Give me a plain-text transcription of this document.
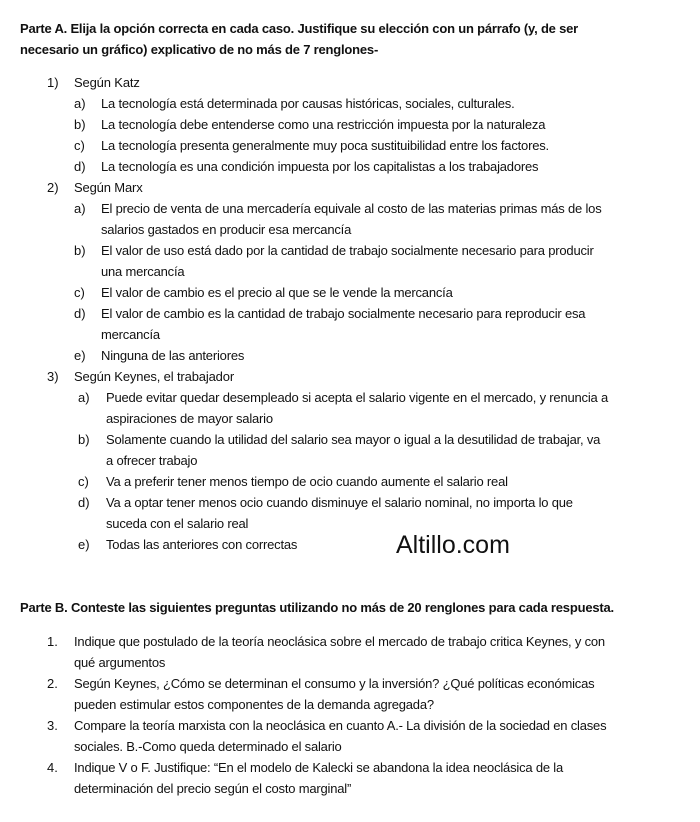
Parte A. Elija la opción correcta en cada caso. Justifique su elección con un párrafo (y, de ser
necesario un gráfico) explicativo de no más de 7 renglones-
1) Según Katz
a) La tecnología está determinada por causas históricas, sociales, culturales.
b) La tecnología debe entenderse como una restricción impuesta por la naturaleza
c) La tecnología presenta generalmente muy poca sustituibilidad entre los factores.
d) La tecnología es una condición impuesta por los capitalistas a los trabajadores
2) Según Marx
a) El precio de venta de una mercadería equivale al costo de las materias primas más de los
salarios gastados en producir esa mercancía
b) El valor de uso está dado por la cantidad de trabajo socialmente necesario para producir
una mercancía
c) El valor de cambio es el precio al que se le vende la mercancía
d) El valor de cambio es la cantidad de trabajo socialmente necesario para reproducir esa
mercancía
e) Ninguna de las anteriores
3) Según Keynes, el trabajador
a) Puede evitar quedar desempleado si acepta el salario vigente en el mercado, y renuncia a
aspiraciones de mayor salario
b) Solamente cuando la utilidad del salario sea mayor o igual a la desutilidad de trabajar, va
a ofrecer trabajo
c) Va a preferir tener menos tiempo de ocio cuando aumente el salario real
d) Va a optar tener menos ocio cuando disminuye el salario nominal, no importa lo que
suceda con el salario real
e) Todas las anteriores con correctas	Altillo.com
Parte B. Conteste las siguientes preguntas utilizando no más de 20 renglones para cada respuesta.
1. Indique que postulado de la teoría neoclásica sobre el mercado de trabajo critica Keynes, y con
qué argumentos
2. Según Keynes, ¿Cómo se determinan el consumo y la inversión? ¿Qué políticas económicas
pueden estimular estos componentes de la demanda agregada?
3. Compare la teoría marxista con la neoclásica en cuanto A.- La división de la sociedad en clases
sociales. B.-Como queda determinado el salario
4. Indique V o F. Justifique: “En el modelo de Kalecki se abandona la idea neoclásica de la
determinación del precio según el costo marginal”
